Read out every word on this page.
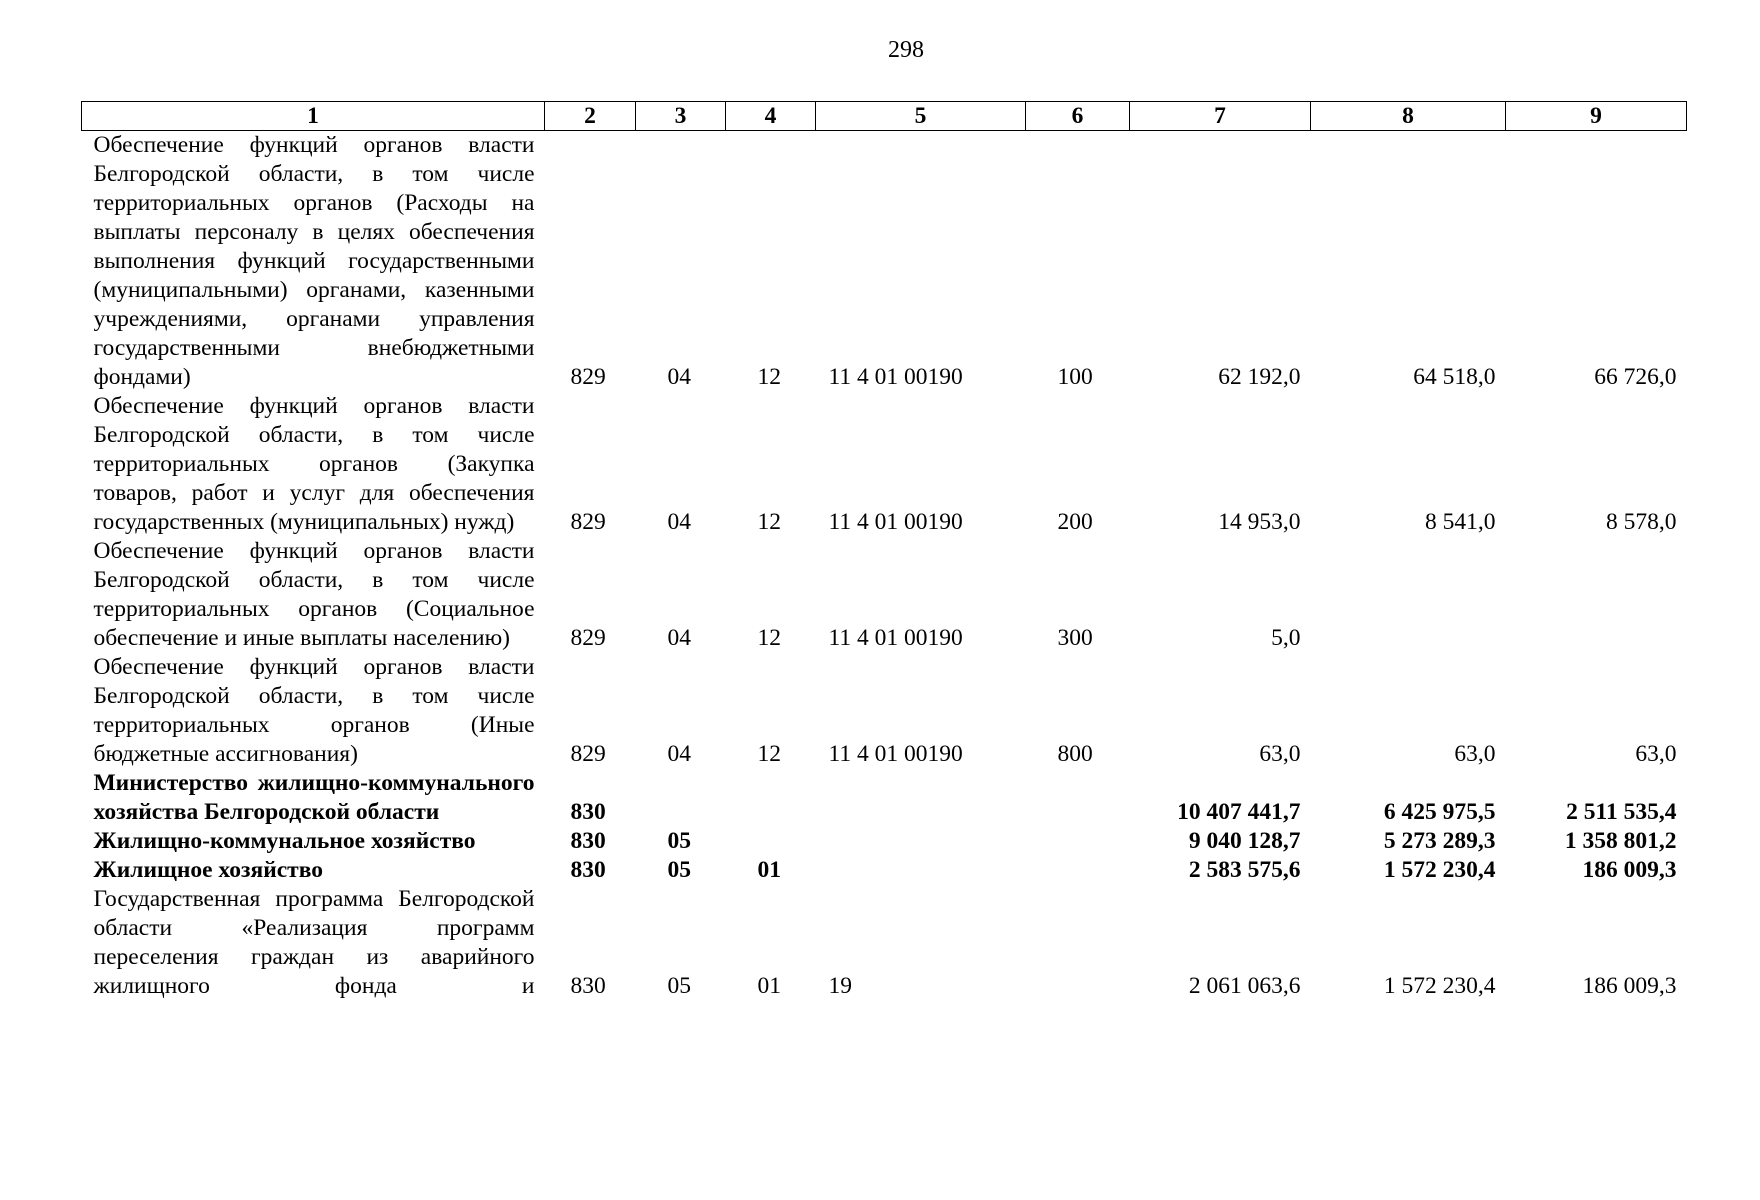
298
1	2	3	4	5	6	7	8	9
Обеспечение функций органов власти Белгородской области, в том числе территориальных органов (Расходы на выплаты персоналу в целях обеспечения выполнения функций государственными (муниципальными) органами, казенными учреждениями, органами управления государственными внебюджетными фондами)	829	04	12	11 4 01 00190	100	62 192,0	64 518,0	66 726,0
Обеспечение функций органов власти Белгородской области, в том числе территориальных органов (Закупка товаров, работ и услуг для обеспечения государственных (муниципальных) нужд)	829	04	12	11 4 01 00190	200	14 953,0	8 541,0	8 578,0
Обеспечение функций органов власти Белгородской области, в том числе территориальных органов (Социальное обеспечение и иные выплаты населению)	829	04	12	11 4 01 00190	300	5,0		
Обеспечение функций органов власти Белгородской области, в том числе территориальных органов (Иные бюджетные ассигнования)	829	04	12	11 4 01 00190	800	63,0	63,0	63,0
Министерство жилищно-коммунального хозяйства Белгородской области	830					10 407 441,7	6 425 975,5	2 511 535,4
Жилищно-коммунальное хозяйство	830	05				9 040 128,7	5 273 289,3	1 358 801,2
Жилищное хозяйство	830	05	01			2 583 575,6	1 572 230,4	186 009,3
Государственная программа Белгородской области «Реализация программ переселения граждан из аварийного жилищного фонда и	830	05	01	19		2 061 063,6	1 572 230,4	186 009,3
